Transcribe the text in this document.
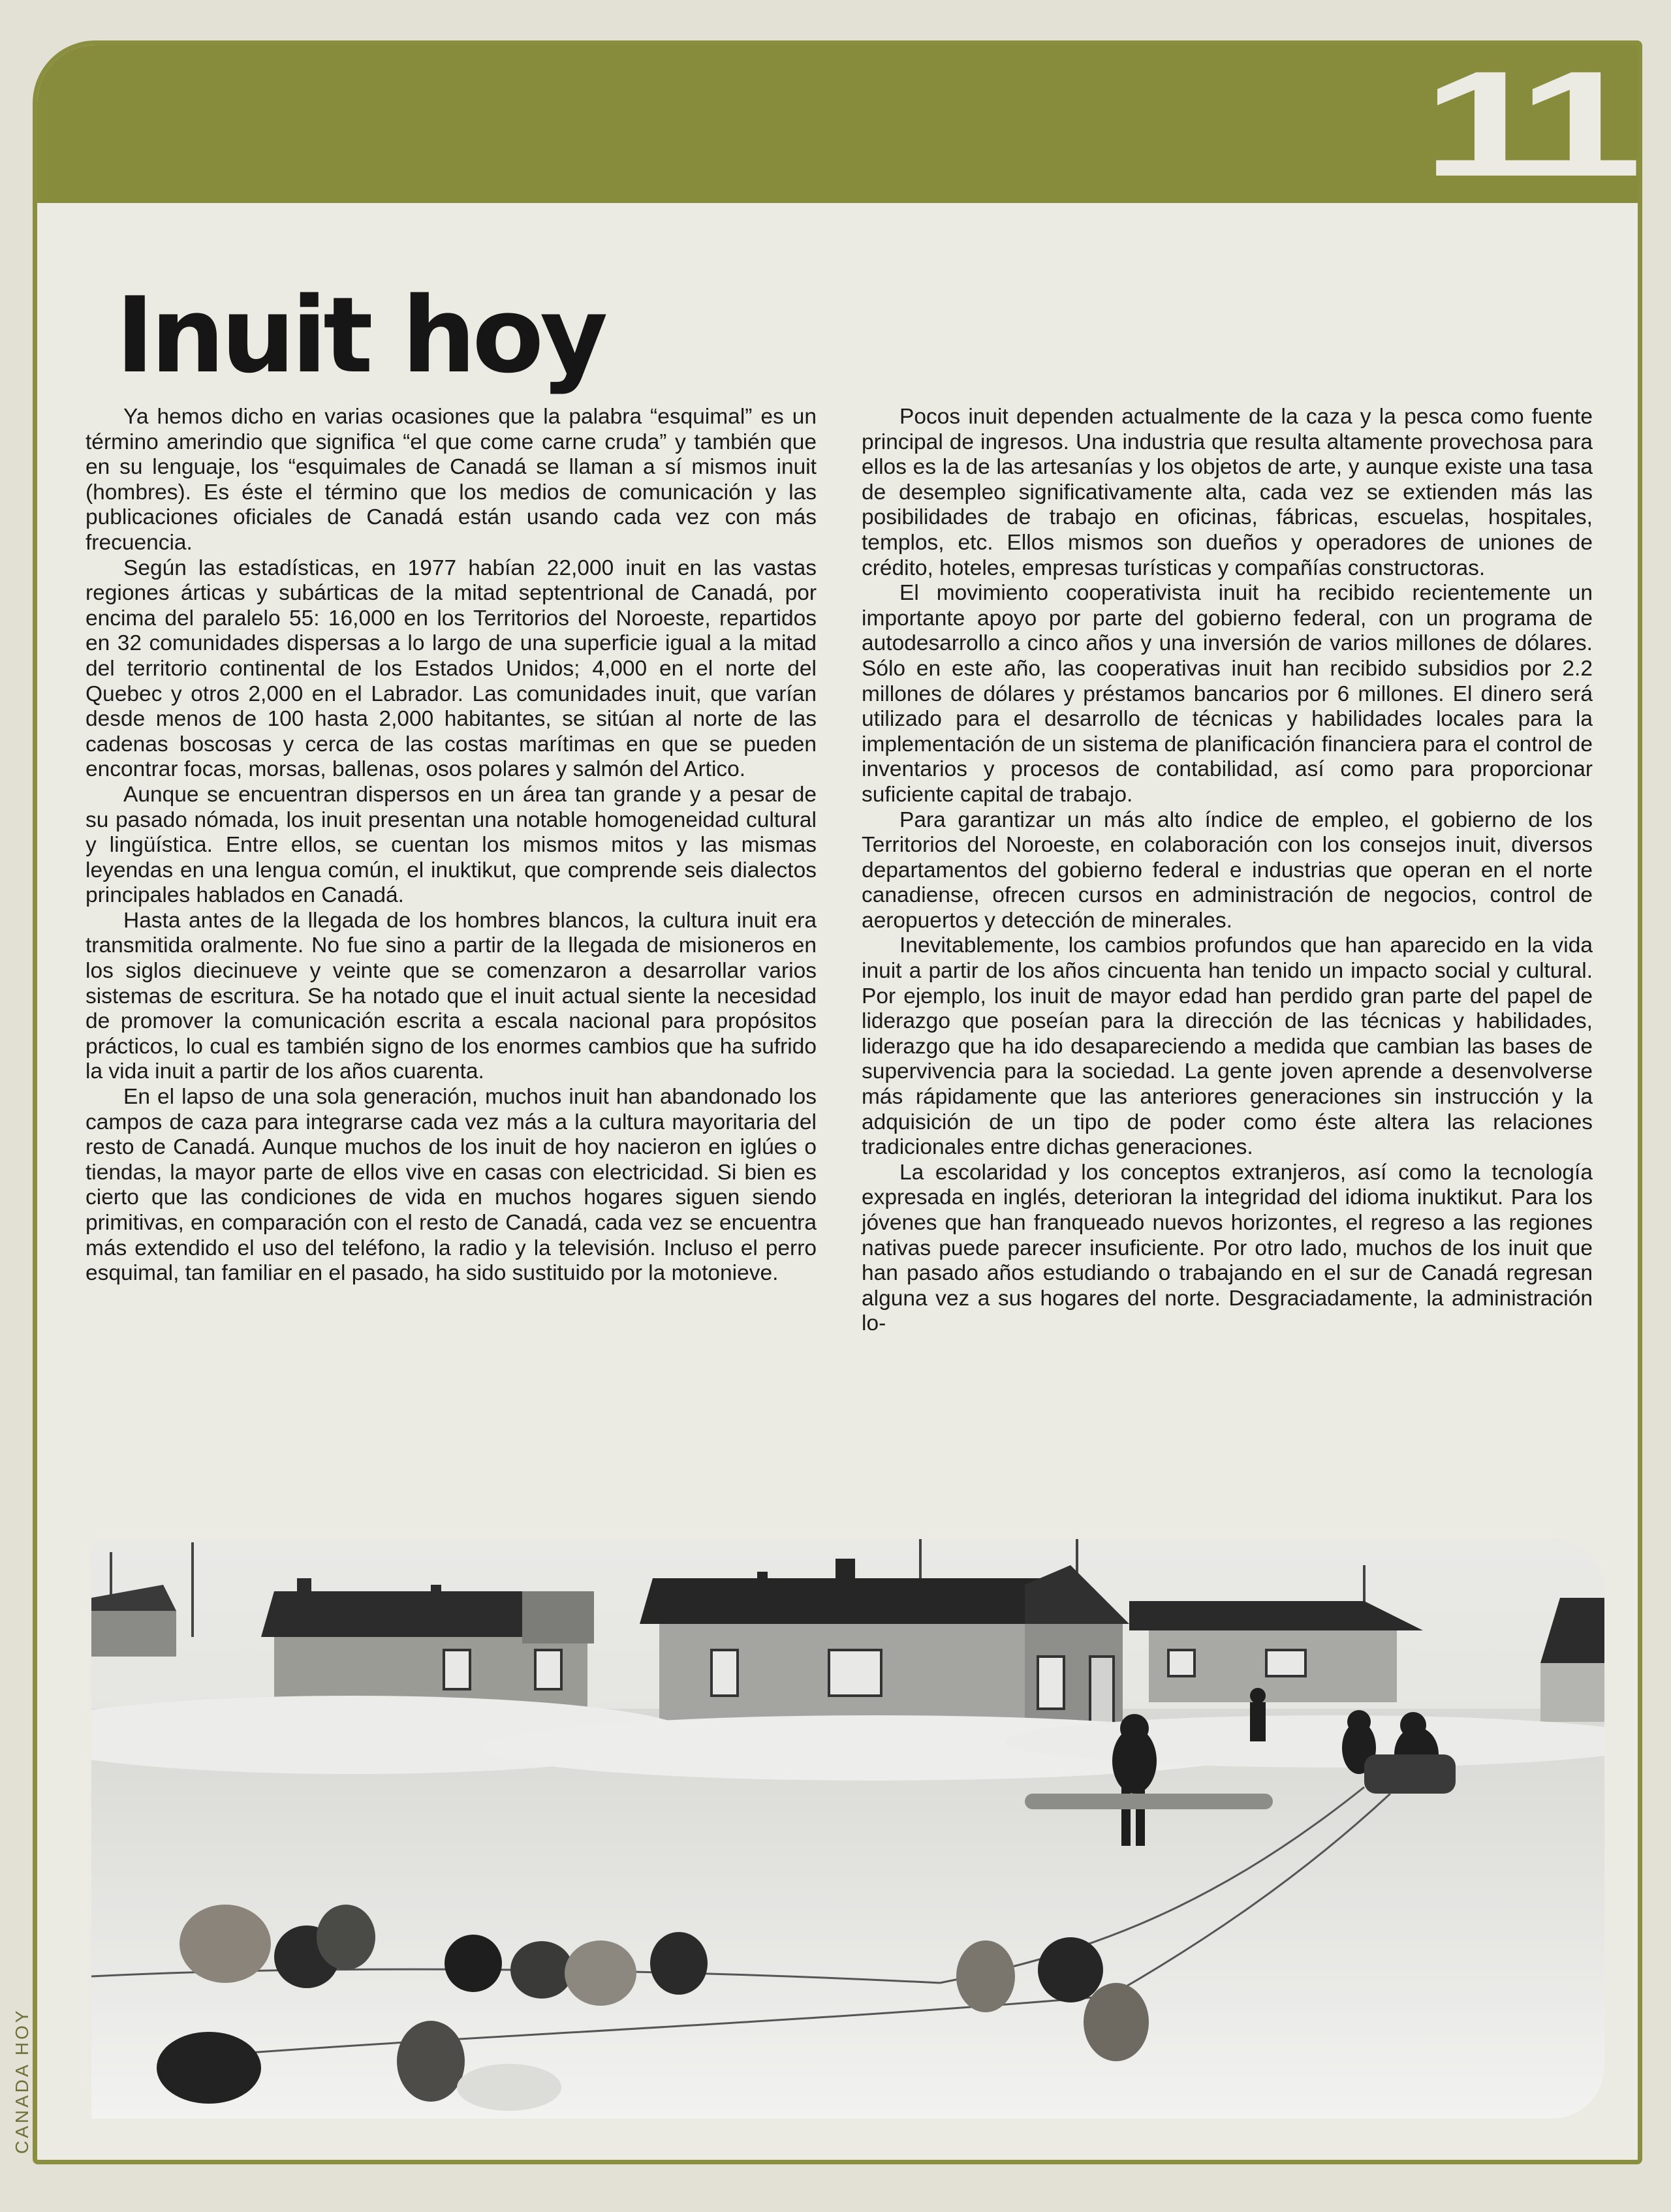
11
Inuit hoy

Ya hemos dicho en varias ocasiones que la palabra “esquimal” es un término amerindio que significa “el que come carne cruda” y también que en su lenguaje, los “esquimales de Canadá se llaman a sí mismos inuit (hombres). Es éste el término que los medios de comunicación y las publicaciones oficiales de Canadá están usando cada vez con más frecuencia.

Según las estadísticas, en 1977 habían 22,000 inuit en las vastas regiones árticas y subárticas de la mitad septentrional de Canadá, por encima del paralelo 55: 16,000 en los Territorios del Noroeste, repartidos en 32 comunidades dispersas a lo largo de una superficie igual a la mitad del territorio continental de los Estados Unidos; 4,000 en el norte del Quebec y otros 2,000 en el Labrador. Las comunidades inuit, que varían desde menos de 100 hasta 2,000 habitantes, se sitúan al norte de las cadenas boscosas y cerca de las costas marítimas en que se pueden encontrar focas, morsas, ballenas, osos polares y salmón del Artico.

Aunque se encuentran dispersos en un área tan grande y a pesar de su pasado nómada, los inuit presentan una notable homogeneidad cultural y lingüística. Entre ellos, se cuentan los mismos mitos y las mismas leyendas en una lengua común, el inuktikut, que comprende seis dialectos principales hablados en Canadá.

Hasta antes de la llegada de los hombres blancos, la cultura inuit era transmitida oralmente. No fue sino a partir de la llegada de misioneros en los siglos diecinueve y veinte que se comenzaron a desarrollar varios sistemas de escritura. Se ha notado que el inuit actual siente la necesidad de promover la comunicación escrita a escala nacional para propósitos prácticos, lo cual es también signo de los enormes cambios que ha sufrido la vida inuit a partir de los años cuarenta.

En el lapso de una sola generación, muchos inuit han abandonado los campos de caza para integrarse cada vez más a la cultura mayoritaria del resto de Canadá. Aunque muchos de los inuit de hoy nacieron en iglúes o tiendas, la mayor parte de ellos vive en casas con electricidad. Si bien es cierto que las condiciones de vida en muchos hogares siguen siendo primitivas, en comparación con el resto de Canadá, cada vez se encuentra más extendido el uso del teléfono, la radio y la televisión. Incluso el perro esquimal, tan familiar en el pasado, ha sido sustituido por la motonieve.

Pocos inuit dependen actualmente de la caza y la pesca como fuente principal de ingresos. Una industria que resulta altamente provechosa para ellos es la de las artesanías y los objetos de arte, y aunque existe una tasa de desempleo significativamente alta, cada vez se extienden más las posibilidades de trabajo en oficinas, fábricas, escuelas, hospitales, templos, etc. Ellos mismos son dueños y operadores de uniones de crédito, hoteles, empresas turísticas y compañías constructoras.

El movimiento cooperativista inuit ha recibido recientemente un importante apoyo por parte del gobierno federal, con un programa de autodesarrollo a cinco años y una inversión de varios millones de dólares. Sólo en este año, las cooperativas inuit han recibido subsidios por 2.2 millones de dólares y préstamos bancarios por 6 millones. El dinero será utilizado para el desarrollo de técnicas y habilidades locales para la implementación de un sistema de planificación financiera para el control de inventarios y procesos de contabilidad, así como para proporcionar suficiente capital de trabajo.

Para garantizar un más alto índice de empleo, el gobierno de los Territorios del Noroeste, en colaboración con los consejos inuit, diversos departamentos del gobierno federal e industrias que operan en el norte canadiense, ofrecen cursos en administración de negocios, control de aeropuertos y detección de minerales.

Inevitablemente, los cambios profundos que han aparecido en la vida inuit a partir de los años cincuenta han tenido un impacto social y cultural. Por ejemplo, los inuit de mayor edad han perdido gran parte del papel de liderazgo que poseían para la dirección de las técnicas y habilidades, liderazgo que ha ido desapareciendo a medida que cambian las bases de supervivencia para la sociedad. La gente joven aprende a desenvolverse más rápidamente que las anteriores generaciones sin instrucción y la adquisición de un tipo de poder como éste altera las relaciones tradicionales entre dichas generaciones.

La escolaridad y los conceptos extranjeros, así como la tecnología expresada en inglés, deterioran la integridad del idioma inuktikut. Para los jóvenes que han franqueado nuevos horizontes, el regreso a las regiones nativas puede parecer insuficiente. Por otro lado, muchos de los inuit que han pasado años estudiando o trabajando en el sur de Canadá regresan alguna vez a sus hogares del norte. Desgraciadamente, la administración lo-

CANADA HOY
